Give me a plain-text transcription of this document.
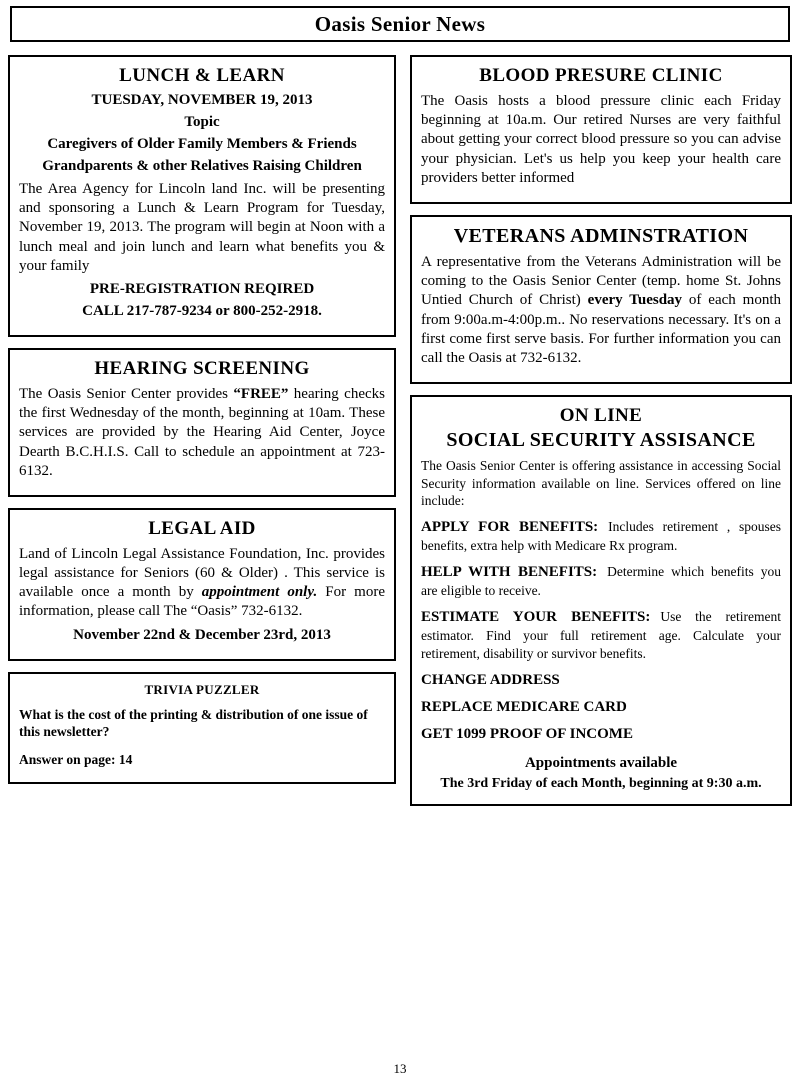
Oasis Senior News
LUNCH & LEARN

TUESDAY, NOVEMBER 19, 2013

Topic

Caregivers of Older Family Members & Friends

Grandparents & other Relatives Raising Children

The Area Agency for Lincoln land Inc. will be presenting and sponsoring a Lunch & Learn Program for Tuesday, November 19, 2013. The program will begin at Noon with a lunch meal and join lunch and learn what benefits you & your family

PRE-REGISTRATION REQIRED

CALL 217-787-9234 or 800-252-2918.

HEARING SCREENING

The Oasis Senior Center provides “FREE” hearing checks the first Wednesday of the month, beginning at 10am. These services are provided by the Hearing Aid Center, Joyce Dearth B.C.H.I.S. Call to schedule an appointment at 723-6132.

LEGAL AID

Land of Lincoln Legal Assistance Foundation, Inc. provides legal assistance for Seniors (60 & Older) . This service is available once a month by appointment only. For more information, please call The “Oasis” 732-6132.

November 22nd & December 23rd, 2013

TRIVIA PUZZLER

What is the cost of the printing & distribution of one issue of this newsletter?

Answer on page: 14

BLOOD PRESURE CLINIC

The Oasis hosts a blood pressure clinic each Friday beginning at 10a.m. Our retired Nurses are very faithful about getting your correct blood pressure so you can advise your physician. Let's us help you keep your health care providers better informed

VETERANS ADMINSTRATION

A representative from the Veterans Administration will be coming to the Oasis Senior Center (temp. home St. Johns Untied Church of Christ) every Tuesday of each month from 9:00a.m-4:00p.m.. No reservations necessary. It's on a first come first serve basis. For further information you can call the Oasis at 732-6132.

ON LINE
SOCIAL SECURITY ASSISANCE

The Oasis Senior Center is offering assistance in accessing Social Security information available on line. Services offered on line include:

APPLY FOR BENEFITS: Includes retirement , spouses benefits, extra help with Medicare Rx program.

HELP WITH BENEFITS: Determine which benefits you are eligible to receive.

ESTIMATE YOUR BENEFITS: Use the retirement estimator. Find your full retirement age. Calculate your retirement, disability or survivor benefits.

CHANGE ADDRESS

REPLACE MEDICARE CARD

GET 1099 PROOF OF INCOME

Appointments available

The 3rd Friday of each Month, beginning at 9:30 a.m.

13
